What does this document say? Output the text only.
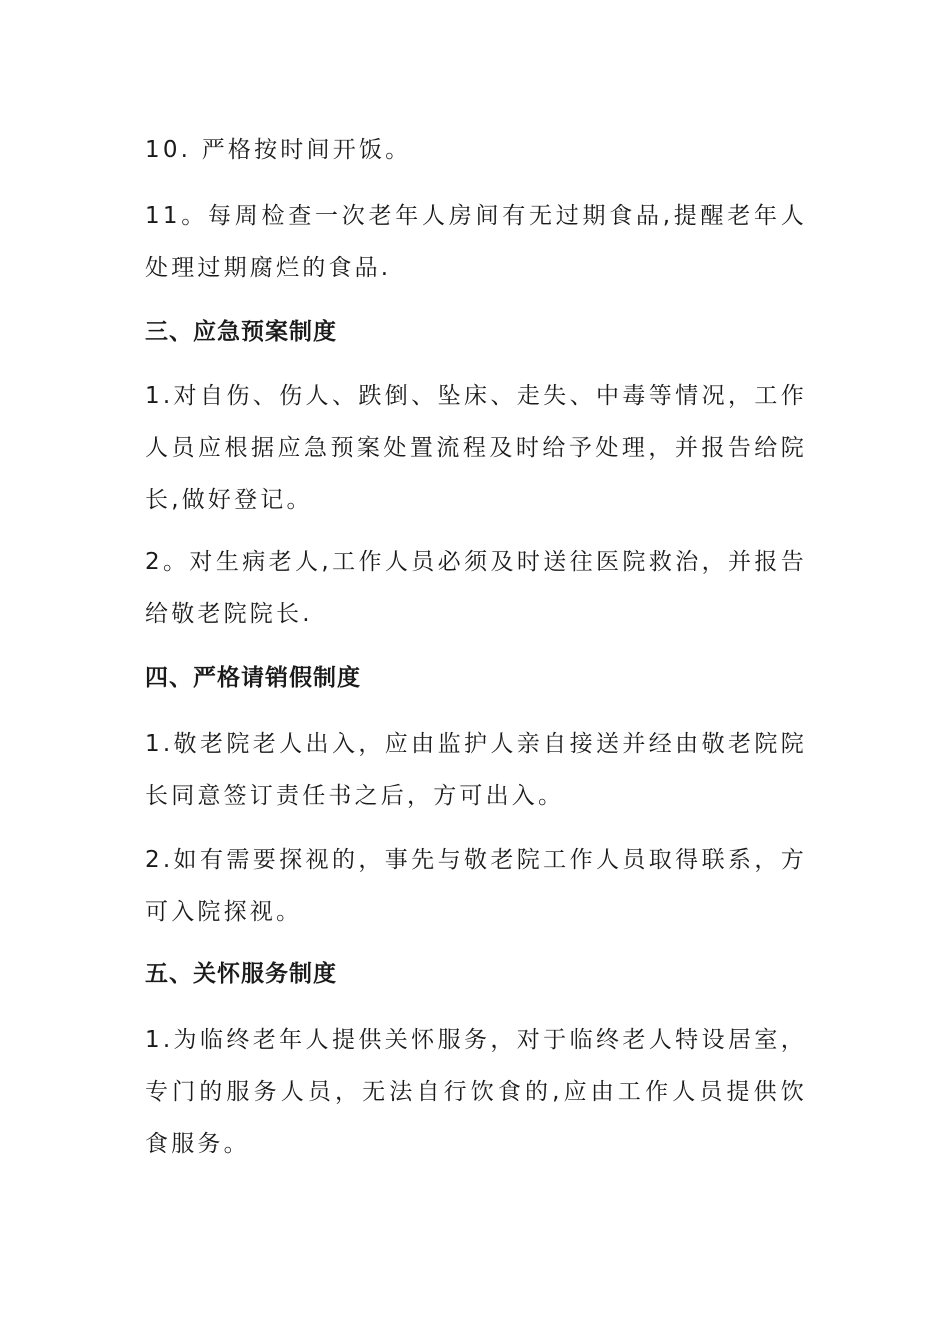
10. 严格按时间开饭。

11。每周检查一次老年人房间有无过期食品,提醒老年人处理过期腐烂的食品.

三、应急预案制度

1.对自伤、伤人、跌倒、坠床、走失、中毒等情况，工作人员应根据应急预案处置流程及时给予处理，并报告给院长,做好登记。

2。对生病老人,工作人员必须及时送往医院救治，并报告给敬老院院长.

四、严格请销假制度

1.敬老院老人出入，应由监护人亲自接送并经由敬老院院长同意签订责任书之后，方可出入。

2.如有需要探视的，事先与敬老院工作人员取得联系，方可入院探视。

五、关怀服务制度

1.为临终老年人提供关怀服务，对于临终老人特设居室，专门的服务人员，无法自行饮食的,应由工作人员提供饮食服务。
